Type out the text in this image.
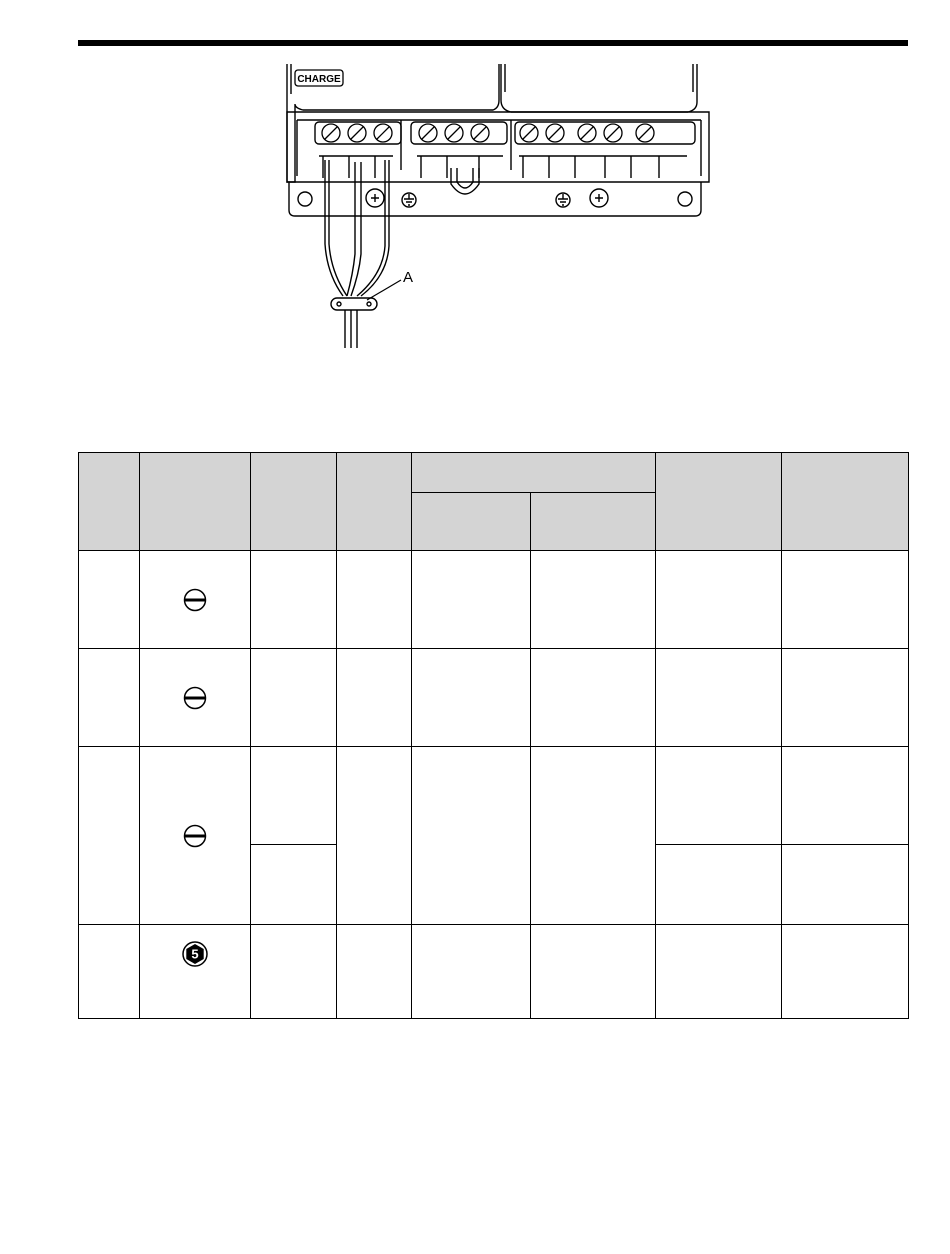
CHARGE
A

5						
